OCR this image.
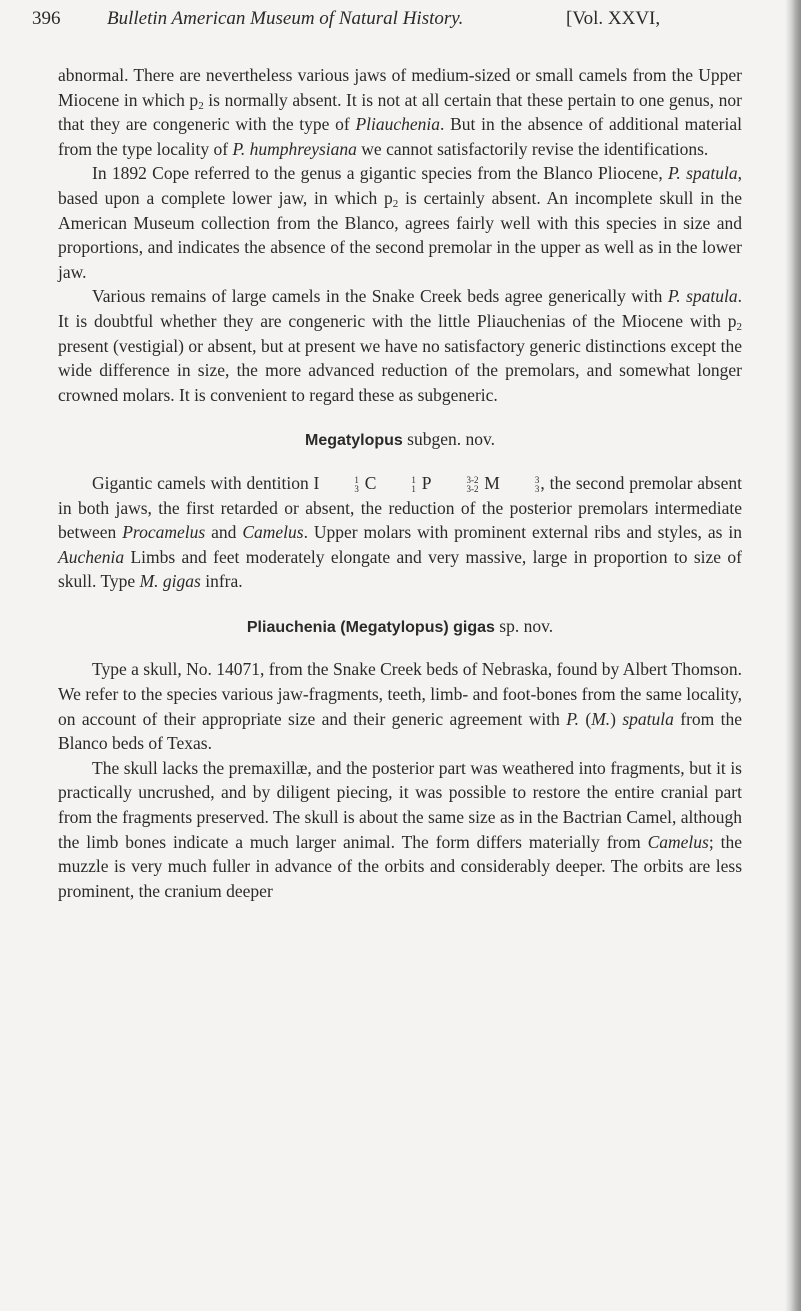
396 Bulletin American Museum of Natural History.	[Vol. XXVI,

abnormal. There are nevertheless various jaws of medium-sized or small camels from the Upper Miocene in which $p_2$ is normally absent. It is not at all certain that these pertain to one genus, nor that they are congeneric with the type of Pliauchenia. But in the absence of additional material from the type locality of P. humphreysiana we cannot satisfactorily revise the identifications.

In 1892 Cope referred to the genus a gigantic species from the Blanco Pliocene, P. spatula, based upon a complete lower jaw, in which $p_2$ is certainly absent. An incomplete skull in the American Museum collection from the Blanco, agrees fairly well with this species in size and proportions, and indicates the absence of the second premolar in the upper as well as in the lower jaw.

Various remains of large camels in the Snake Creek beds agree generically with P. spatula. It is doubtful whether they are congeneric with the little Pliauchenias of the Miocene with $p_2$ present (vestigial) or absent, but at present we have no satisfactory generic distinctions except the wide difference in size, the more advanced reduction of the premolars, and somewhat longer crowned molars. It is convenient to regard these as subgeneric.

Megatylopus subgen. nov.

Gigantic camels with dentition I	1
3 C	1
1 P	3-2
3-2 M	3
3 , the second premolar absent in both jaws, the first retarded or absent, the reduction of the posterior premolars intermediate between Procamelus and Camelus. Upper molars with prominent external ribs and styles, as in Auchenia Limbs and feet moderately elongate and very massive, large in proportion to size of skull. Type M. gigas infra.

Pliauchenia (Megatylopus) gigas sp. nov.

Type a skull, No. 14071, from the Snake Creek beds of Nebraska, found by Albert Thomson. We refer to the species various jaw-fragments, teeth, limb- and foot-bones from the same locality, on account of their appropriate size and their generic agreement with P. (M.) spatula from the Blanco beds of Texas.

The skull lacks the premaxillæ, and the posterior part was weathered into fragments, but it is practically uncrushed, and by diligent piecing, it was possible to restore the entire cranial part from the fragments preserved. The skull is about the same size as in the Bactrian Camel, although the limb bones indicate a much larger animal. The form differs materially from Camelus; the muzzle is very much fuller in advance of the orbits and considerably deeper. The orbits are less prominent, the cranium deeper
